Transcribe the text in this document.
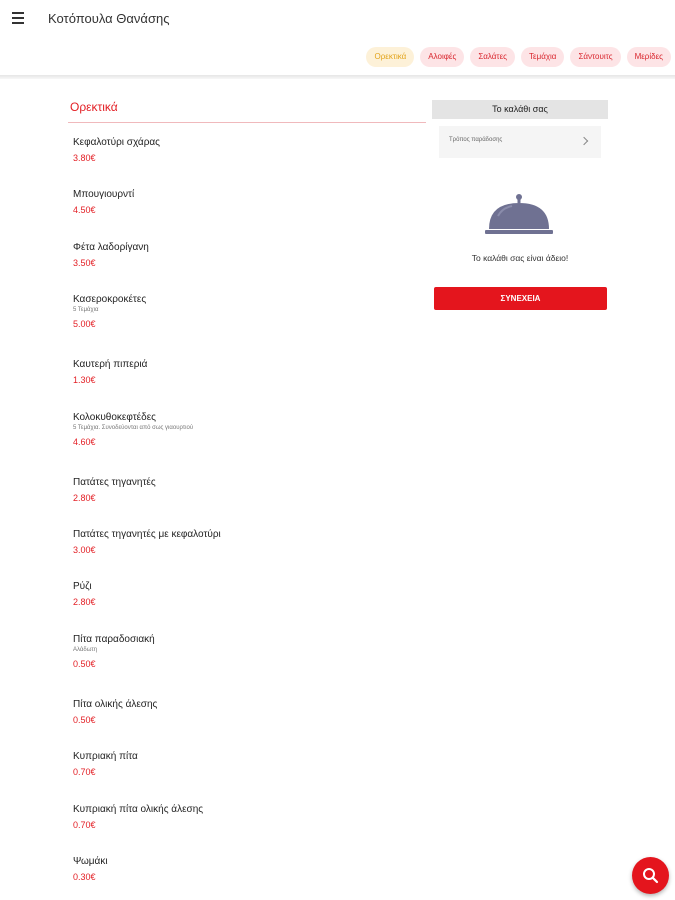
Κοτόπουλα Θανάσης
Ορεκτικά	Αλοιφές	Σαλάτες	Τεμάχια	Σάντουιτς	Μερίδες
Ορεκτικά
Κεφαλοτύρι σχάρας
3.80€
Μπουγιουρντί
4.50€
Φέτα λαδορίγανη
3.50€
Κασεροκροκέτες
5 Τεμάχια
5.00€
Καυτερή πιπεριά
1.30€
Κολοκυθοκεφτέδες
5 Τεμάχια. Συνοδεύονται από σως γιαουρτιού
4.60€
Πατάτες τηγανητές
2.80€
Πατάτες τηγανητές με κεφαλοτύρι
3.00€
Ρύζι
2.80€
Πίτα παραδοσιακή
Αλάδωτη
0.50€
Πίτα ολικής άλεσης
0.50€
Κυπριακή πίτα
0.70€
Κυπριακή πίτα ολικής άλεσης
0.70€
Ψωμάκι
0.30€
Το καλάθι σας
Τρόπος παράδοσης
Το καλάθι σας είναι άδειο!
ΣΥΝΕΧΕΙΑ
